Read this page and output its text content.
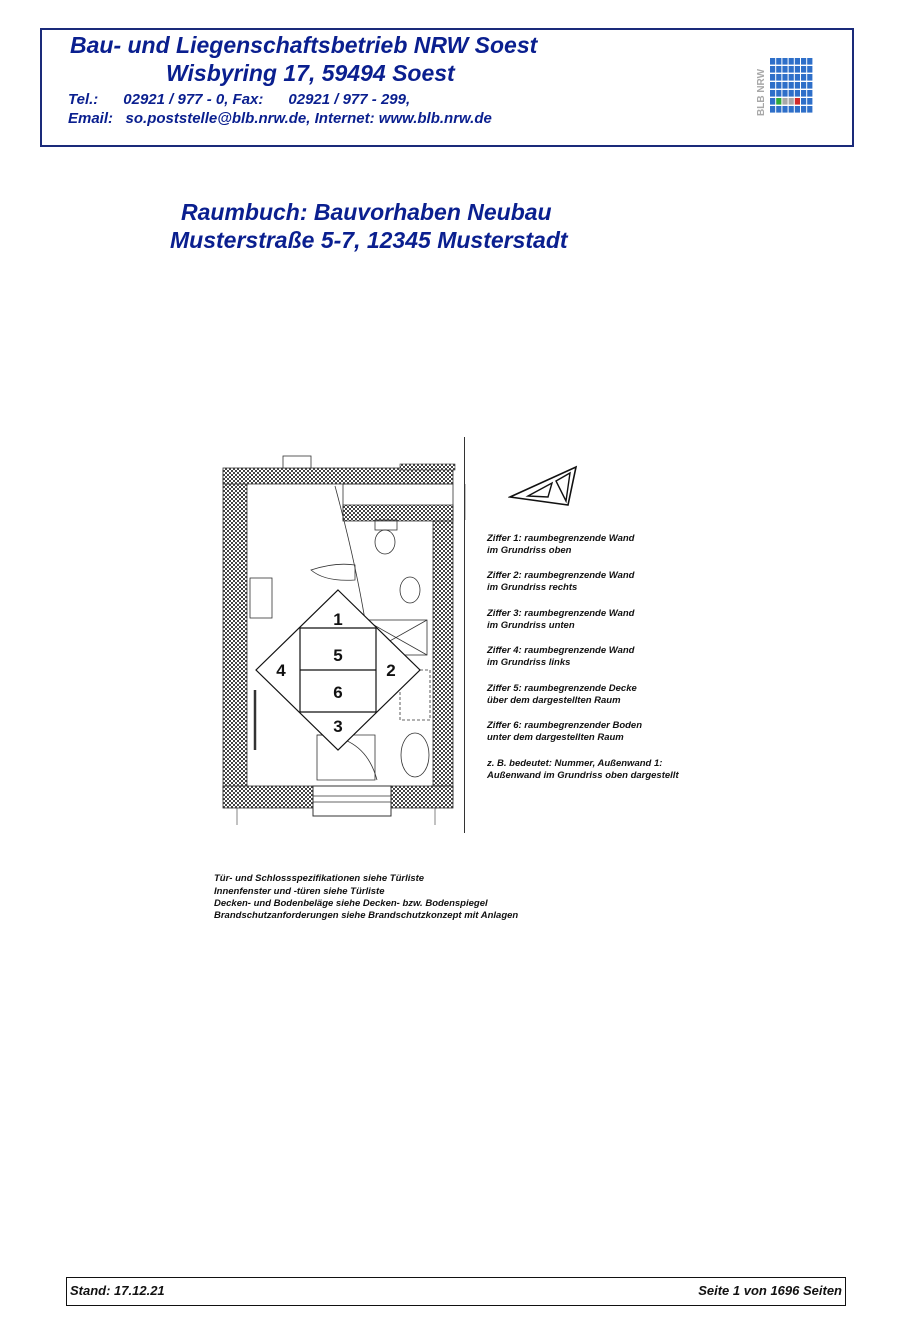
Bau- und Liegenschaftsbetrieb NRW Soest
Wisbyring 17, 59494 Soest
Tel.:      02921 / 977 - 0, Fax:      02921 / 977 - 299,
Email:   so.poststelle@blb.nrw.de, Internet: www.blb.nrw.de
BLB NRW
Raumbuch: Bauvorhaben Neubau
Musterstraße 5-7, 12345 Musterstadt
1
2
3
4
5
6
Ziffer 1: raumbegrenzende Wand
im Grundriss oben
Ziffer 2: raumbegrenzende Wand
im Grundriss rechts
Ziffer 3: raumbegrenzende Wand
im Grundriss unten
Ziffer 4: raumbegrenzende Wand
im Grundriss links
Ziffer 5: raumbegrenzende Decke
über dem dargestellten Raum
Ziffer 6: raumbegrenzender Boden
unter dem dargestellten Raum
z. B. bedeutet: Nummer, Außenwand 1:
Außenwand im Grundriss oben dargestellt
Tür- und Schlossspezifikationen siehe Türliste
Innenfenster und -türen siehe Türliste
Decken- und Bodenbeläge siehe Decken- bzw. Bodenspiegel
Brandschutzanforderungen siehe Brandschutzkonzept mit Anlagen
Stand: 17.12.21	Seite 1 von 1696 Seiten
